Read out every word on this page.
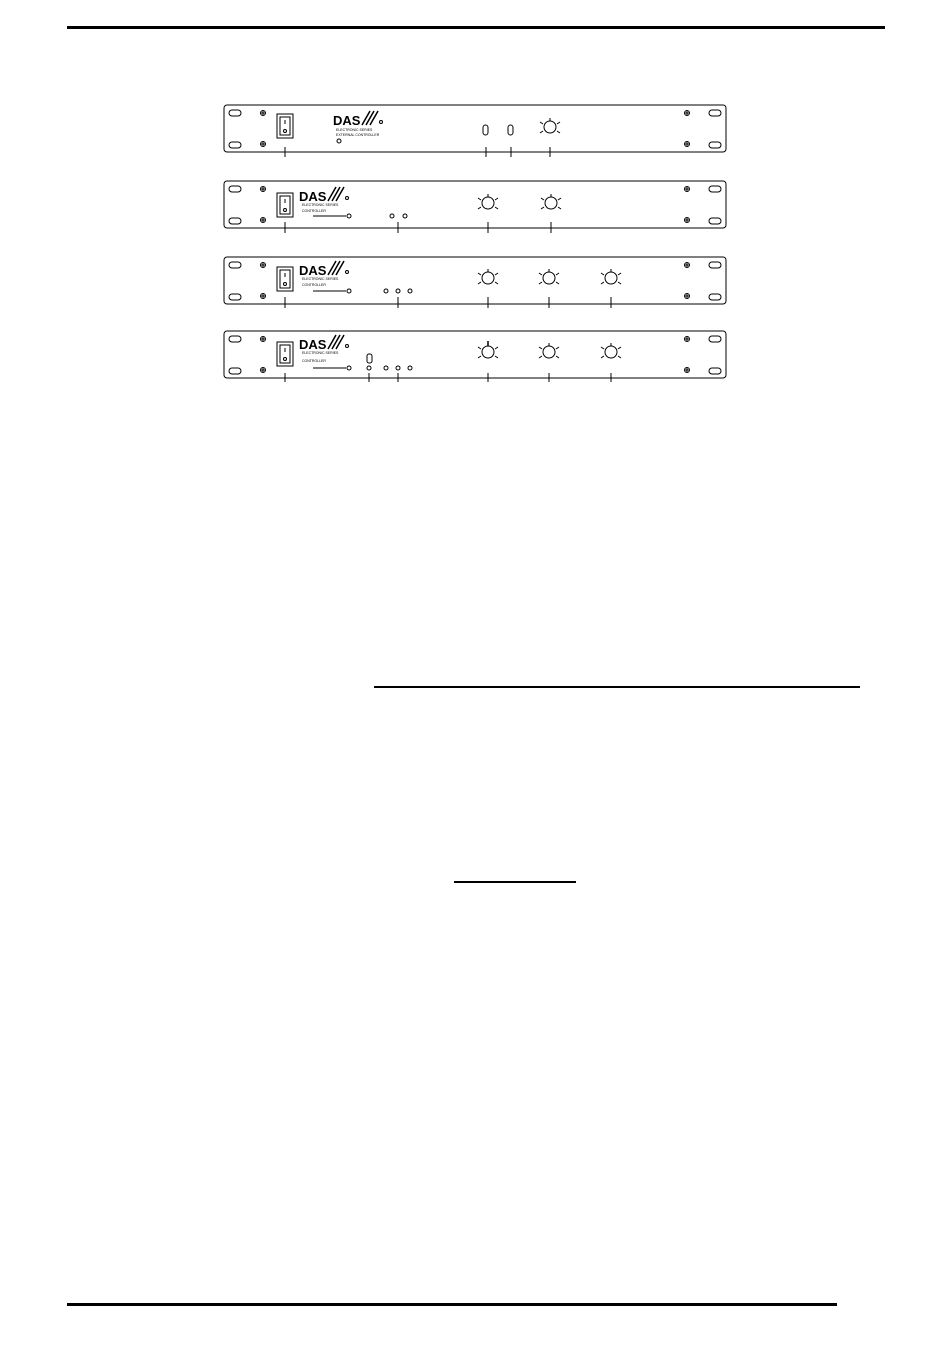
DAS
ELECTRONIC SERIES
EXTERNAL CONTROLLER
DAS
ELECTRONIC SERIES
CONTROLLER
DAS
ELECTRONIC SERIES
CONTROLLER
DAS
ELECTRONIC SERIES
CONTROLLER
